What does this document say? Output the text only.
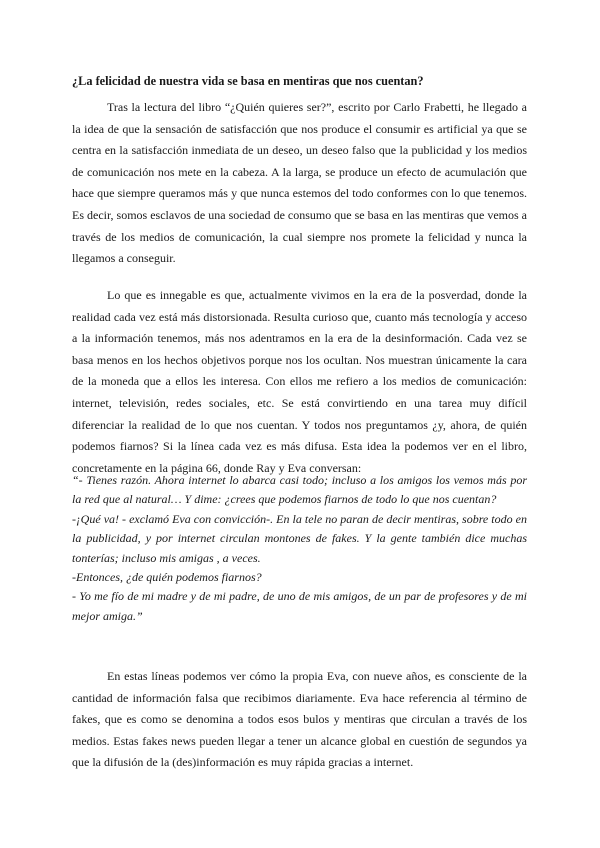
¿La felicidad de nuestra vida se basa en mentiras que nos cuentan?

Tras la lectura del libro “¿Quién quieres ser?”, escrito por Carlo Frabetti, he llegado a la idea de que la sensación de satisfacción que nos produce el consumir es artificial ya que se centra en la satisfacción inmediata de un deseo, un deseo falso que la publicidad y los medios de comunicación nos mete en la cabeza. A la larga, se produce un efecto de acumulación que hace que siempre queramos más y que nunca estemos del todo conformes con lo que tenemos. Es decir, somos esclavos de una sociedad de consumo que se basa en las mentiras que vemos a través de los medios de comunicación, la cual siempre nos promete la felicidad y nunca la llegamos a conseguir.

Lo que es innegable es que, actualmente vivimos en la era de la posverdad, donde la realidad cada vez está más distorsionada. Resulta curioso que, cuanto más tecnología y acceso a la información tenemos, más nos adentramos en la era de la desinformación. Cada vez se basa menos en los hechos objetivos porque nos los ocultan. Nos muestran únicamente la cara de la moneda que a ellos les interesa. Con ellos me refiero a los medios de comunicación: internet, televisión, redes sociales, etc. Se está convirtiendo en una tarea muy difícil diferenciar la realidad de lo que nos cuentan. Y todos nos preguntamos ¿y, ahora, de quién podemos fiarnos? Si la línea cada vez es más difusa. Esta idea la podemos ver en el libro, concretamente en la página 66, donde Ray y Eva conversan:

“- Tienes razón. Ahora internet lo abarca casi todo; incluso a los amigos los vemos más por la red que al natural… Y dime: ¿crees que podemos fiarnos de todo lo que nos cuentan?

-¡Qué va! - exclamó Eva con convicción-. En la tele no paran de decir mentiras, sobre todo en la publicidad, y por internet circulan montones de fakes. Y la gente también dice muchas tonterías; incluso mis amigas , a veces.

-Entonces, ¿de quién podemos fiarnos?

- Yo me fío de mi madre y de mi padre, de uno de mis amigos, de un par de profesores y de mi mejor amiga.”

En estas líneas podemos ver cómo la propia Eva, con nueve años, es consciente de la cantidad de información falsa que recibimos diariamente. Eva hace referencia al término de fakes, que es como se denomina a todos esos bulos y mentiras que circulan a través de los medios. Estas fakes news pueden llegar a tener un alcance global en cuestión de segundos ya que la difusión de la (des)información es muy rápida gracias a internet.
